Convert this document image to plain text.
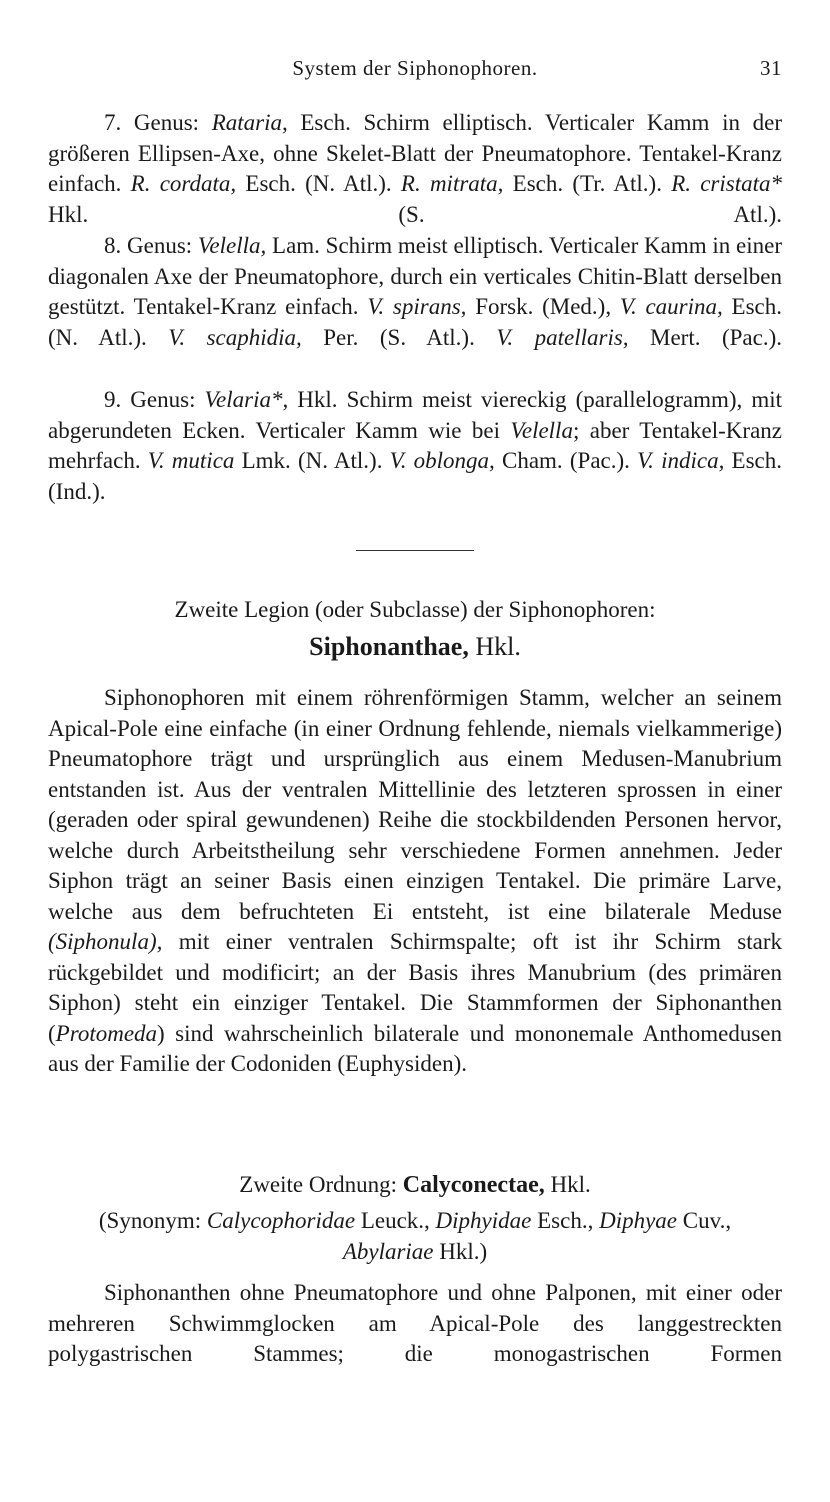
System der Siphonophoren.	31

7. Genus: Rataria, Esch. Schirm elliptisch. Verticaler Kamm in der größeren Ellipsen-Axe, ohne Skelet-Blatt der Pneumatophore. Tentakel-Kranz einfach. R. cordata, Esch. (N. Atl.). R. mitrata, Esch. (Tr. Atl.). R. cristata* Hkl. (S. Atl.).

8. Genus: Velella, Lam. Schirm meist elliptisch. Verticaler Kamm in einer diagonalen Axe der Pneumatophore, durch ein verticales Chitin-Blatt derselben gestützt. Tentakel-Kranz einfach. V. spirans, Forsk. (Med.), V. caurina, Esch. (N. Atl.). V. scaphidia, Per. (S. Atl.). V. patellaris, Mert. (Pac.).

9. Genus: Velaria*, Hkl. Schirm meist viereckig (parallelogramm), mit abgerundeten Ecken. Verticaler Kamm wie bei Velella; aber Tentakel-Kranz mehrfach. V. mutica Lmk. (N. Atl.). V. oblonga, Cham. (Pac.). V. indica, Esch. (Ind.).

Zweite Legion (oder Subclasse) der Siphonophoren:

Siphonanthae, Hkl.

Siphonophoren mit einem röhrenförmigen Stamm, welcher an seinem Apical-Pole eine einfache (in einer Ordnung fehlende, niemals vielkammerige) Pneumatophore trägt und ursprünglich aus einem Medusen-Manubrium entstanden ist. Aus der ventralen Mittellinie des letzteren sprossen in einer (geraden oder spiral gewundenen) Reihe die stockbildenden Personen hervor, welche durch Arbeitstheilung sehr verschiedene Formen annehmen. Jeder Siphon trägt an seiner Basis einen einzigen Tentakel. Die primäre Larve, welche aus dem befruchteten Ei entsteht, ist eine bilaterale Meduse (Siphonula), mit einer ventralen Schirmspalte; oft ist ihr Schirm stark rückgebildet und modificirt; an der Basis ihres Manubrium (des primären Siphon) steht ein einziger Tentakel. Die Stammformen der Siphonanthen (Protomeda) sind wahrscheinlich bilaterale und mononemale Anthomedusen aus der Familie der Codoniden (Euphysiden).

Zweite Ordnung: Calyconectae, Hkl.

(Synonym: Calycophoridae Leuck., Diphyidae Esch., Diphyae Cuv., Abylariae Hkl.)

Siphonanthen ohne Pneumatophore und ohne Palponen, mit einer oder mehreren Schwimmglocken am Apical-Pole des langgestreckten polygastrischen Stammes; die monogastrischen Formen
